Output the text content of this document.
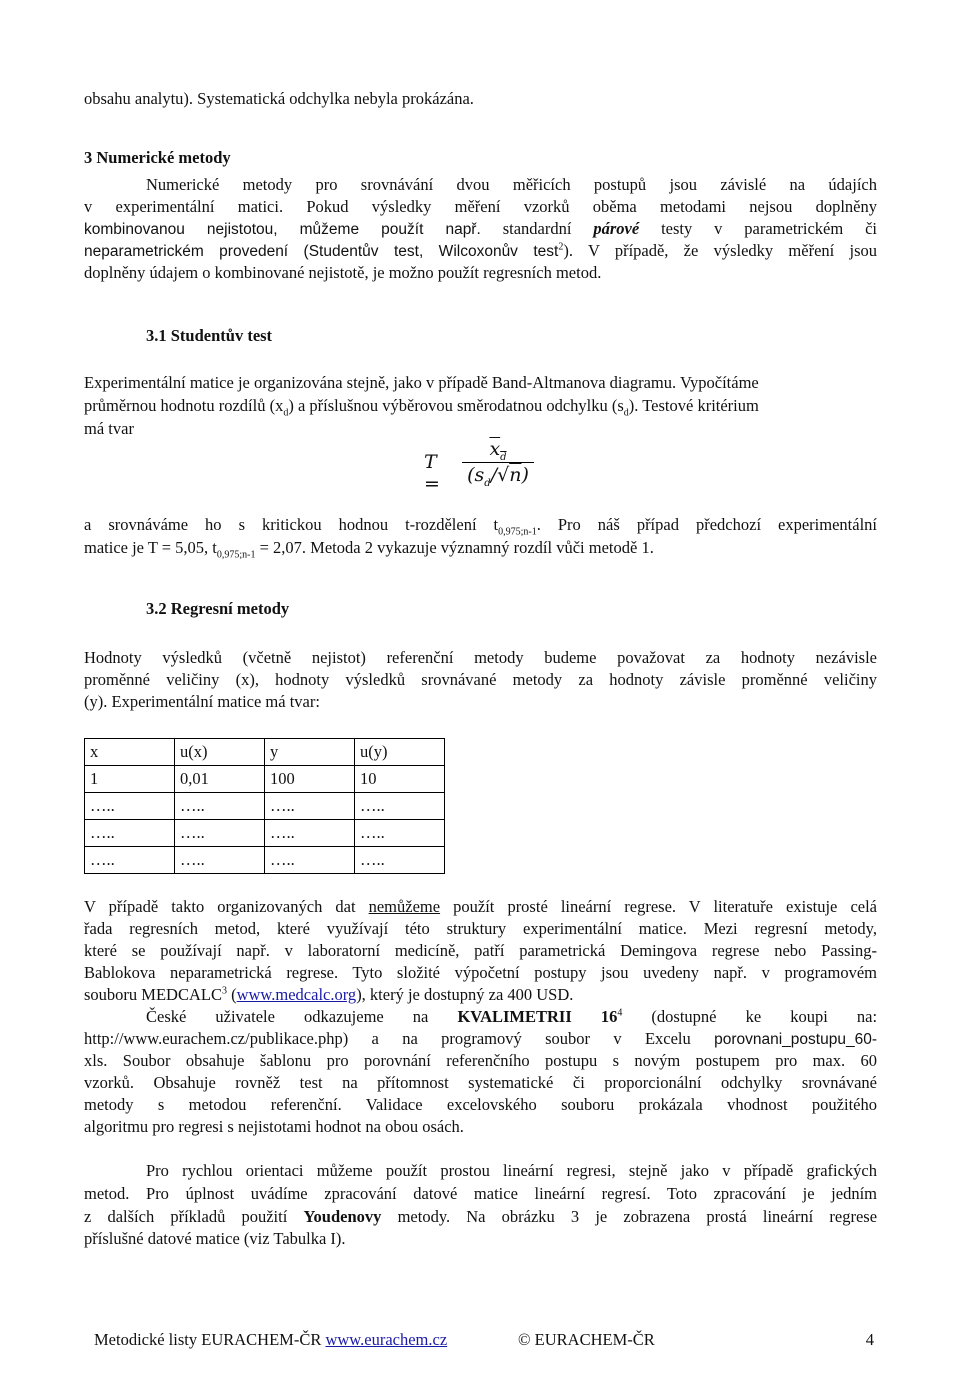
obsahu analytu). Systematická odchylka nebyla prokázána.
3 Numerické metody
Numerické metody pro srovnávání dvou měřicích postupů jsou závislé na údajích
v experimentální matici. Pokud výsledky měření vzorků oběma metodami nejsou doplněny
kombinovanou nejistotou, můžeme použít např. standardní párové testy v parametrickém či
neparametrickém provedení (Studentův test, Wilcoxonův test$^2$). V případě, že výsledky měření jsou
doplněny údajem o kombinované nejistotě, je možno použít regresních metod.
3.1 Studentův test
Experimentální matice je organizována stejně, jako v případě Band-Altmanova diagramu. Vypočítáme
průměrnou hodnotu rozdílů $(x_d)$ a příslušnou výběrovou směrodatnou odchylku $(s_d)$. Testové kritérium
má tvar
T =
$x_d$
$(s_d/√n)$
a srovnáváme ho s kritickou hodnou t-rozdělení $t_{0,975;n-1}$. Pro náš případ předchozí experimentální
matice je T = 5,05, $t_{0,975;n-1} = 2,07$. Metoda 2 vykazuje významný rozdíl vůči metodě 1.
3.2 Regresní metody
Hodnoty výsledků (včetně nejistot) referenční metody budeme považovat za hodnoty nezávisle
proměnné veličiny (x), hodnoty výsledků srovnávané metody za hodnoty závisle proměnné veličiny
(y). Experimentální matice má tvar:
x	u(x)	y	u(y)
1	0,01	100	10
…..	…..	…..	…..
…..	…..	…..	…..
…..	…..	…..	…..
V případě takto organizovaných dat nemůžeme použít prosté lineární regrese. V literatuře existuje celá
řada regresních metod, které využívají této struktury experimentální matice. Mezi regresní metody,
které se používají např. v laboratorní medicíně, patří parametrická Demingova regrese nebo Passing-
Bablokova neparametrická regrese. Tyto složité výpočetní postupy jsou uvedeny např. v programovém
souboru MEDCALC$^3$ (www.medcalc.org), který je dostupný za 400 USD.
České uživatele odkazujeme na KVALIMETRII $16^4$ (dostupné ke koupi na:
http://www.eurachem.cz/publikace.php) a na programový soubor v Excelu porovnani_postupu_60-
xls. Soubor obsahuje šablonu pro porovnání referenčního postupu s novým postupem pro max. 60
vzorků. Obsahuje rovněž test na přítomnost systematické či proporcionální odchylky srovnávané
metody s metodou referenční. Validace excelovského souboru prokázala vhodnost použitého
algoritmu pro regresi s nejistotami hodnot na obou osách.
Pro rychlou orientaci můžeme použít prostou lineární regresi, stejně jako v případě grafických
metod. Pro úplnost uvádíme zpracování datové matice lineární regresí. Toto zpracování je jedním
z dalších příkladů použití Youdenovy metody. Na obrázku 3 je zobrazena prostá lineární regrese
příslušné datové matice (viz Tabulka I).
Metodické listy EURACHEM-ČR www.eurachem.cz	© EURACHEM-ČR	4
